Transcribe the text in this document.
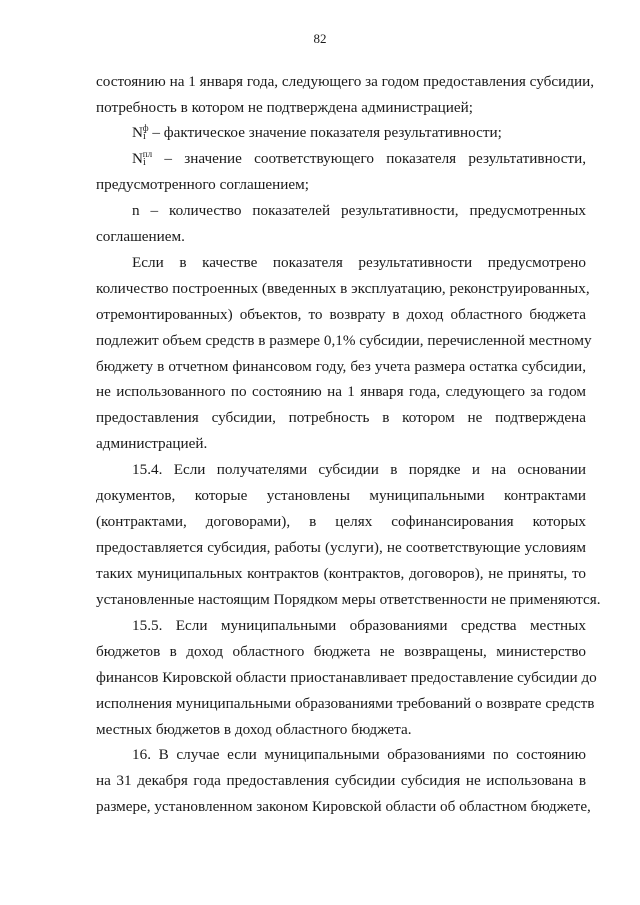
82
состоянию на 1 января года, следующего за годом предоставления субсидии,
потребность в котором не подтверждена администрацией;
$N_i^ф$ – фактическое значение показателя результативности;
$N_i^{пл}$ – значение соответствующего показателя результативности,
предусмотренного соглашением;
n – количество показателей результативности, предусмотренных
соглашением.
Если в качестве показателя результативности предусмотрено
количество построенных (введенных в эксплуатацию, реконструированных,
отремонтированных) объектов, то возврату в доход областного бюджета
подлежит объем средств в размере 0,1% субсидии, перечисленной местному
бюджету в отчетном финансовом году, без учета размера остатка субсидии,
не использованного по состоянию на 1 января года, следующего за годом
предоставления субсидии, потребность в котором не подтверждена
администрацией.
15.4. Если получателями субсидии в порядке и на основании
документов, которые установлены муниципальными контрактами
(контрактами, договорами), в целях софинансирования которых
предоставляется субсидия, работы (услуги), не соответствующие условиям
таких муниципальных контрактов (контрактов, договоров), не приняты, то
установленные настоящим Порядком меры ответственности не применяются.
15.5. Если муниципальными образованиями средства местных
бюджетов в доход областного бюджета не возвращены, министерство
финансов Кировской области приостанавливает предоставление субсидии до
исполнения муниципальными образованиями требований о возврате средств
местных бюджетов в доход областного бюджета.
16. В случае если муниципальными образованиями по состоянию
на 31 декабря года предоставления субсидии субсидия не использована в
размере, установленном законом Кировской области об областном бюджете,
